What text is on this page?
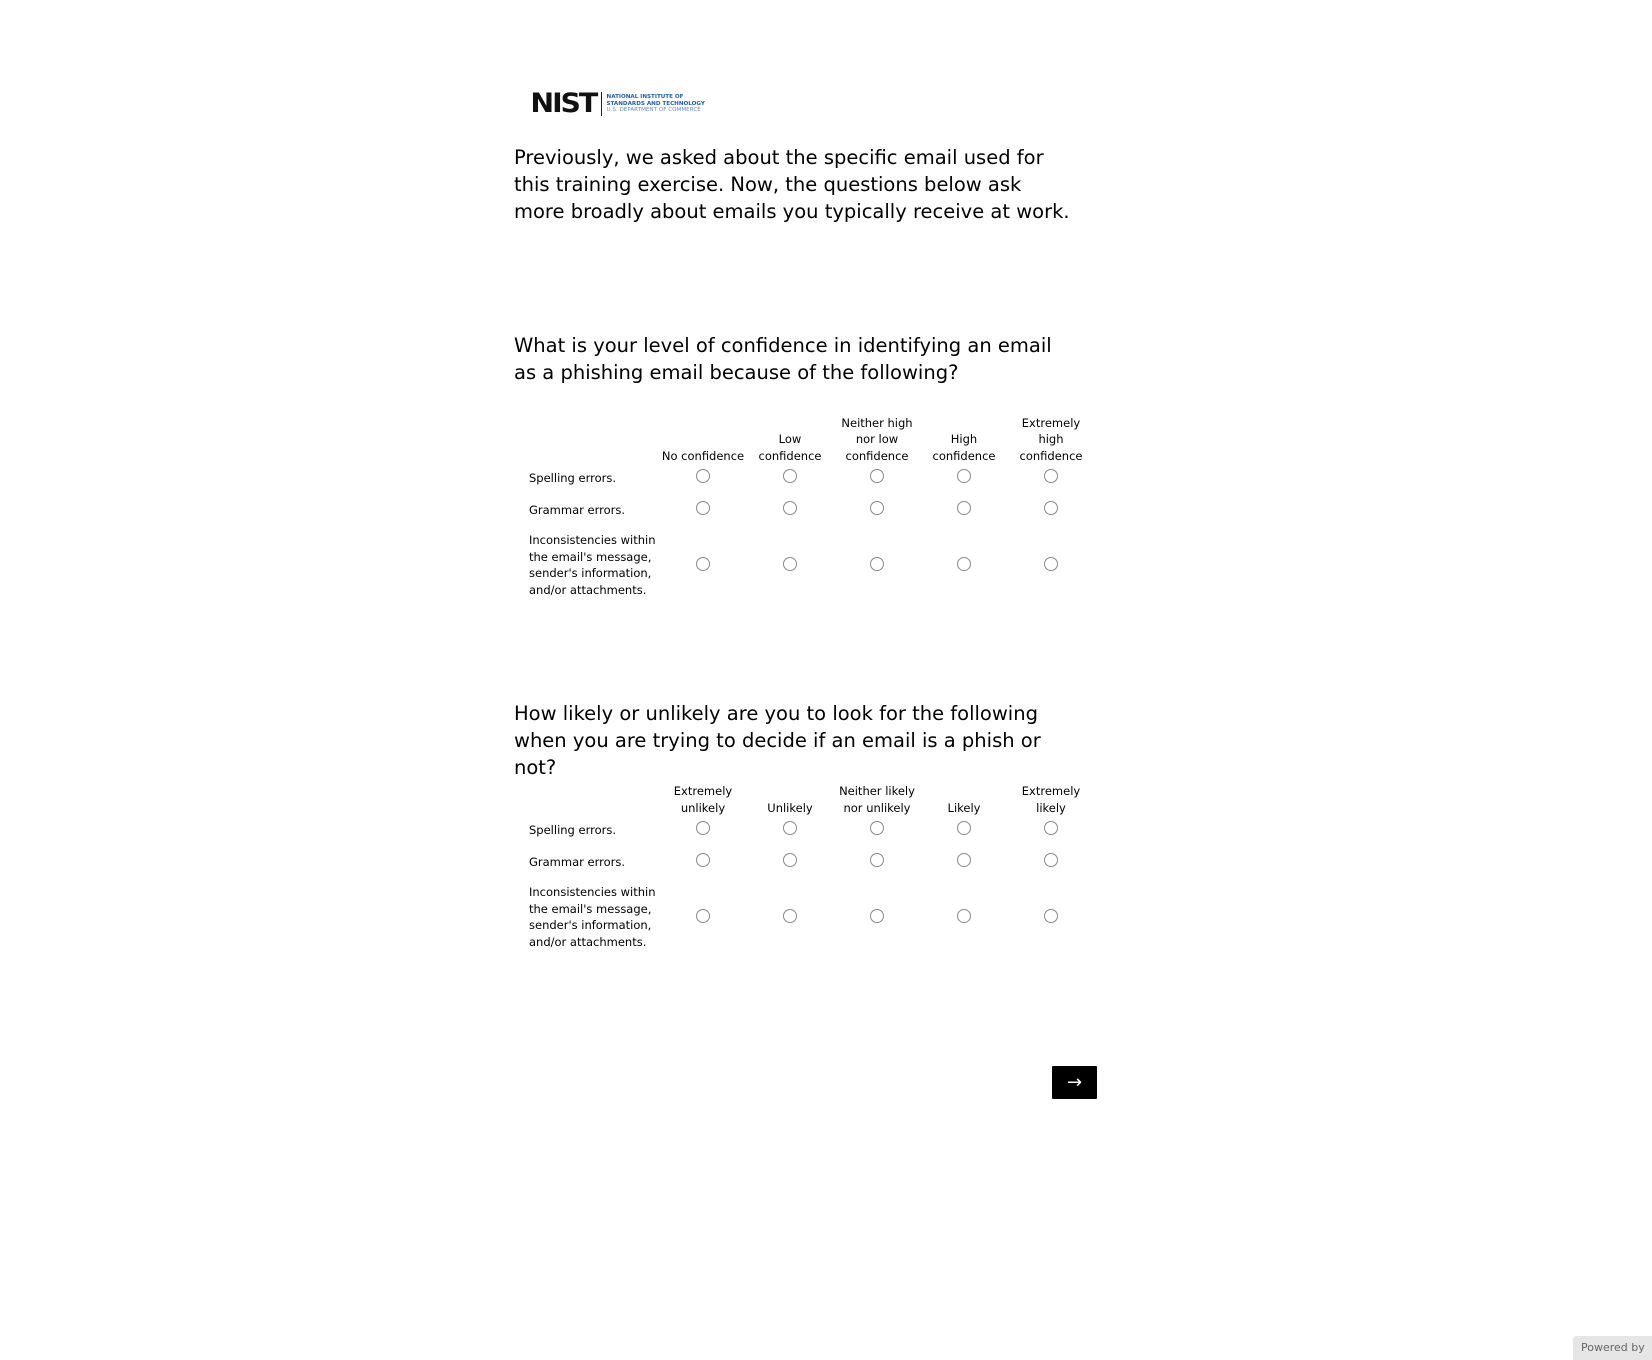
NIST NATIONAL INSTITUTE OF
STANDARDS AND TECHNOLOGY
U.S. DEPARTMENT OF COMMERCE
Previously, we asked about the specific email used for this training exercise. Now, the questions below ask more broadly about emails you typically receive at work.
What is your level of confidence in identifying an email as a phishing email because of the following?
No confidence
Low confidence
Neither high nor low confidence
High confidence
Extremely high confidence
Spelling errors.
Grammar errors.
Inconsistencies within the email's message, sender's information, and/or attachments.
How likely or unlikely are you to look for the following when you are trying to decide if an email is a phish or not?
Extremely unlikely	Unlikely
Neither likely nor unlikely	Likely
Extremely likely
Spelling errors.
Grammar errors.
Inconsistencies within the email's message, sender's information, and/or attachments.
→
Powered by
